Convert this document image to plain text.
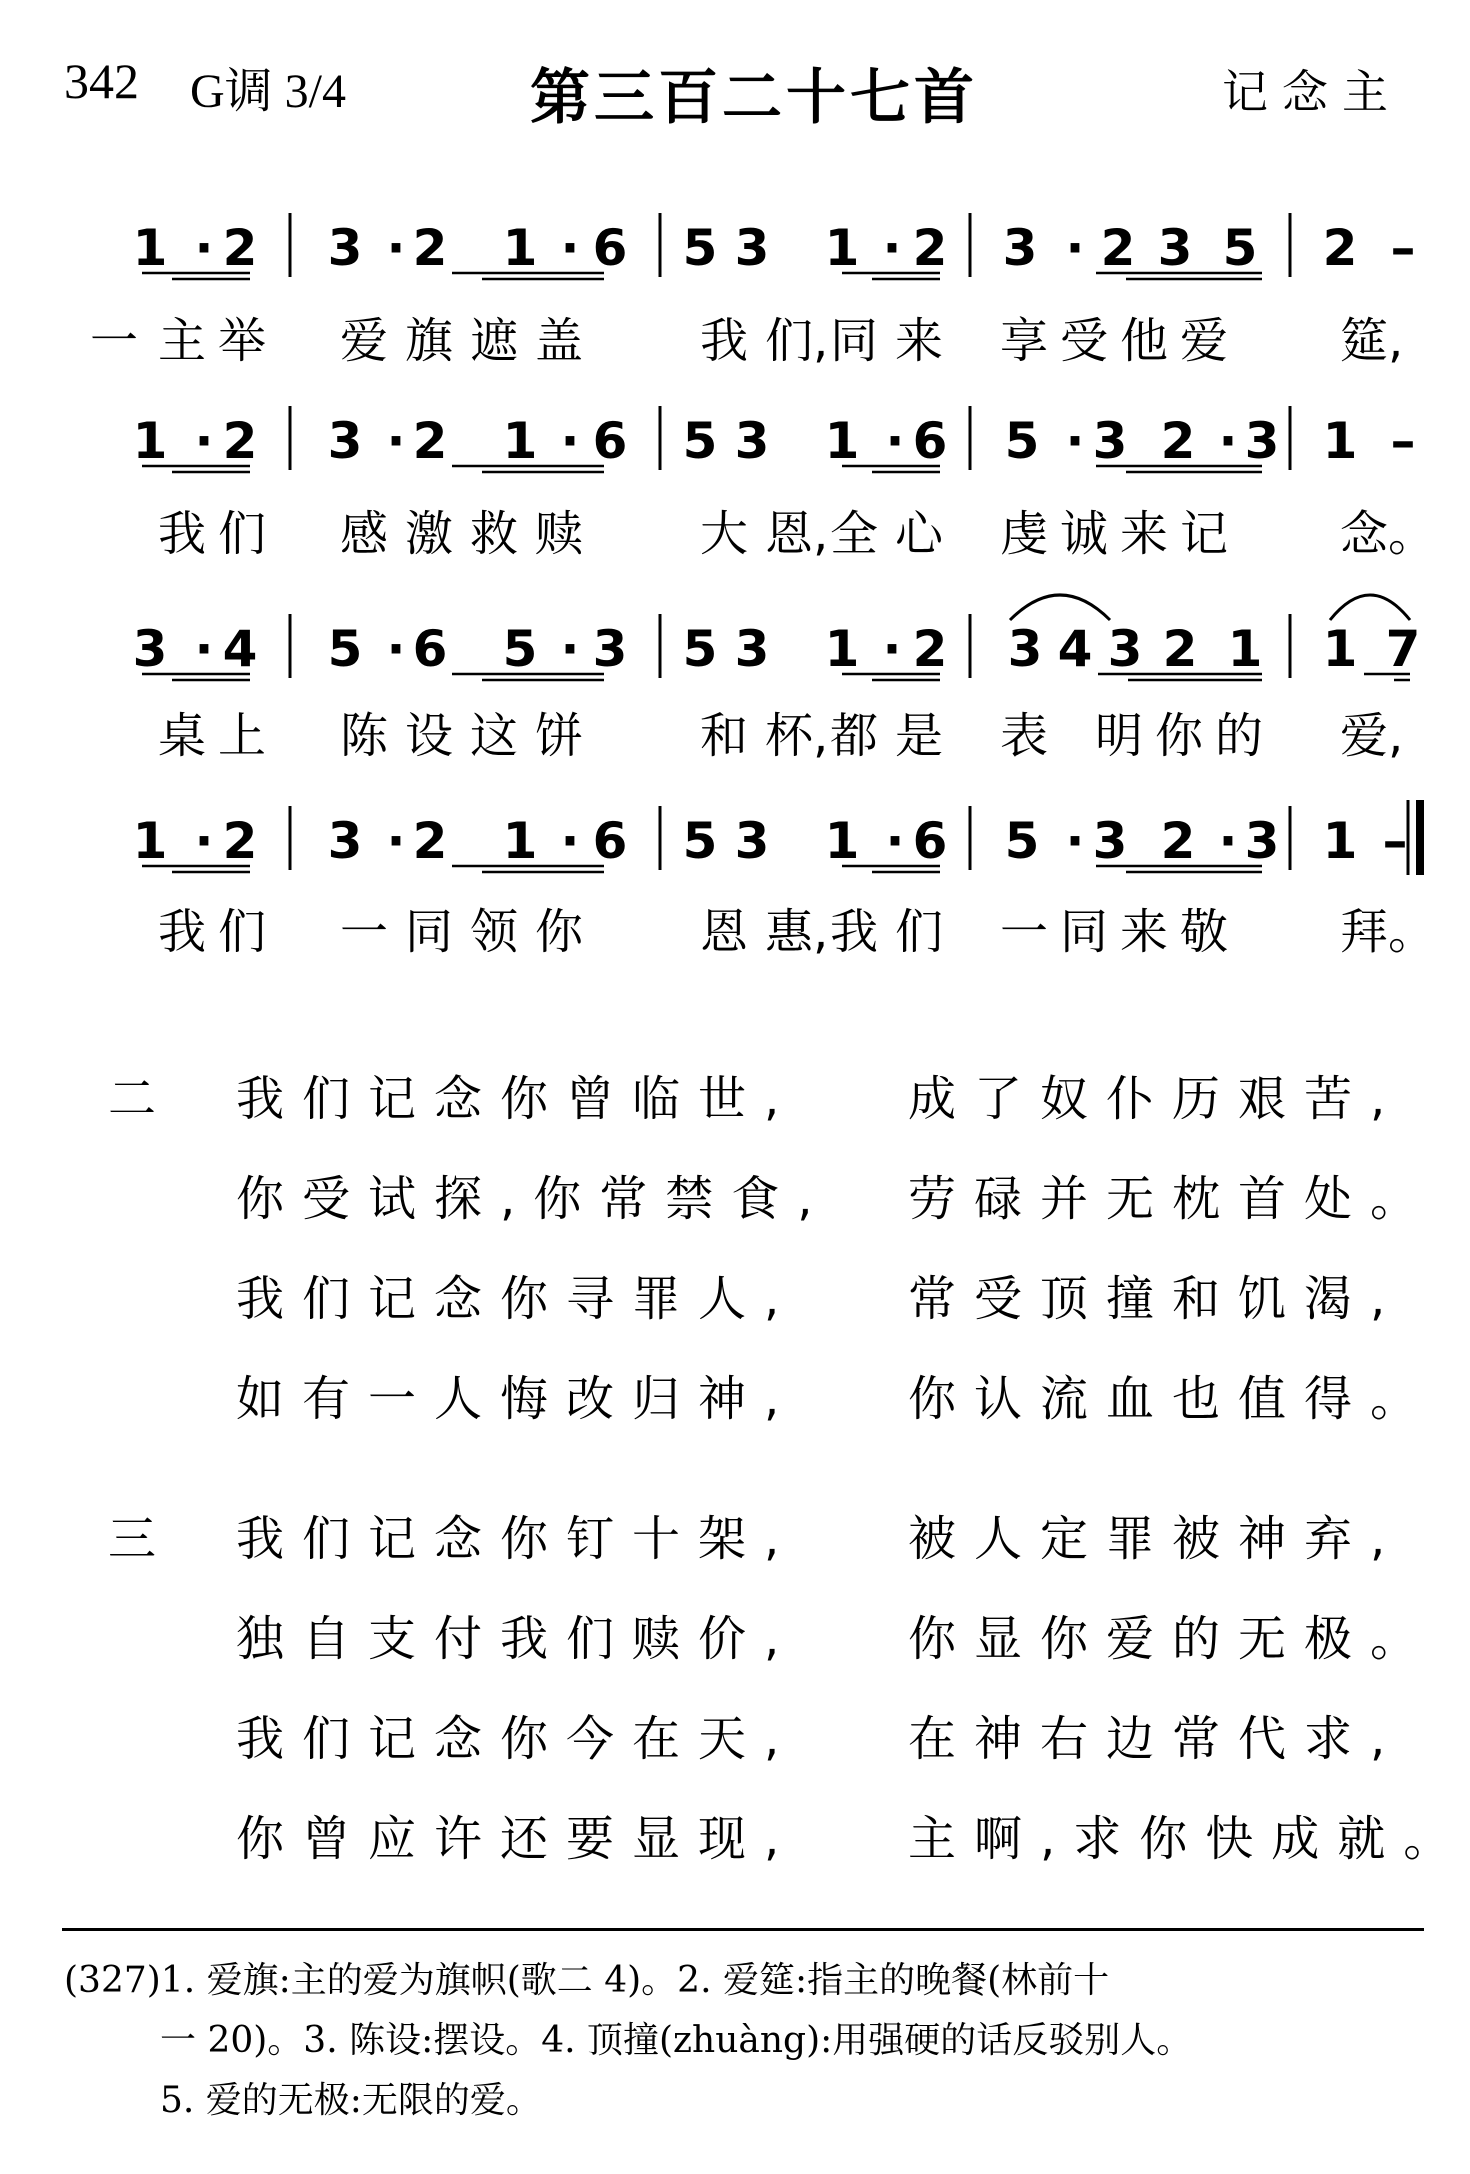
342 G调 3/4	第三百二十七首	记念主
1 · 2 3 · 2 1 · 6 5 3 1 · 2 3 · 2 3 5 2 –
一 主 举 爱 旗 遮 盖 我 们, 同 来 享 受 他 爱 筵,
1 · 2 3 · 2 1 · 6 5 3 1 · 6 5 · 3 2 · 3 1 –
我 们 感 激 救 赎 大 恩, 全 心 虔 诚 来 记 念。
3 · 4 5 · 6 5 · 3 5 3 1 · 2 3 4 3 2 1 1 7
桌 上 陈 设 这 饼 和 杯, 都 是 表 明 你 的 爱,
1 · 2 3 · 2 1 · 6 5 3 1 · 6 5 · 3 2 · 3 1 –
我 们 一 同 领 你 恩 惠, 我 们 一 同 来 敬 拜。
二 我们记念你曾临世, 成了奴仆历艰苦,
你受试探,你常禁食, 劳碌并无枕首处。
我们记念你寻罪人, 常受顶撞和饥渴,
如有一人悔改归神, 你认流血也值得。
三 我们记念你钉十架, 被人定罪被神弃,
独自支付我们赎价, 你显你爱的无极。
我们记念你今在天, 在神右边常代求,
你曾应许还要显现, 主啊,求你快成就。
(327)1. 爱旗:主的爱为旗帜(歌二 4)。2. 爱筵:指主的晚餐(林前十
一 20)。3. 陈设:摆设。4. 顶撞(zhuàng):用强硬的话反驳别人。
5. 爱的无极:无限的爱。
